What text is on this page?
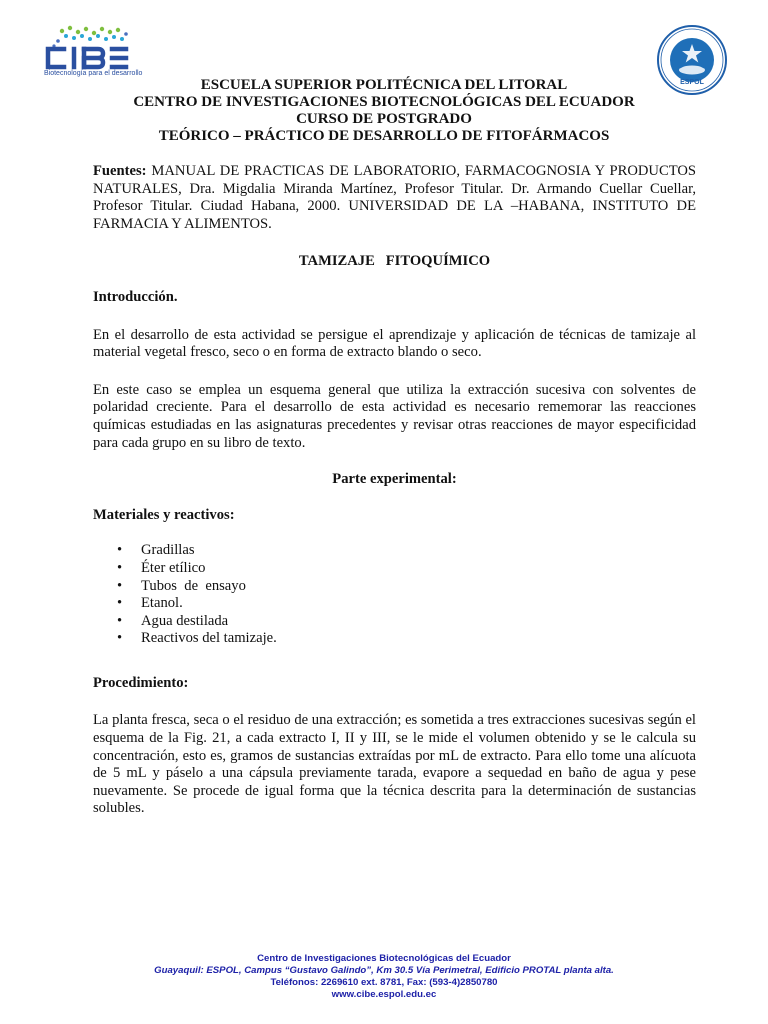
Biotecnología para el desarrollo
ESPOL
ESCUELA SUPERIOR POLITÉCNICA DEL LITORAL
CENTRO DE INVESTIGACIONES BIOTECNOLÓGICAS DEL ECUADOR
CURSO DE POSTGRADO
TEÓRICO – PRÁCTICO DE DESARROLLO DE FITOFÁRMACOS
Fuentes: MANUAL DE PRACTICAS DE LABORATORIO, FARMACOGNOSIA Y PRODUCTOS NATURALES, Dra. Migdalia Miranda Martínez, Profesor Titular. Dr. Armando Cuellar Cuellar, Profesor Titular. Ciudad Habana, 2000. UNIVERSIDAD DE LA –HABANA, INSTITUTO DE FARMACIA Y ALIMENTOS.
TAMIZAJE   FITOQUÍMICO
Introducción.
En el desarrollo de esta actividad se persigue el aprendizaje y aplicación de técnicas de tamizaje al material vegetal fresco, seco o en forma de extracto blando o seco.
En este caso se emplea un esquema general que utiliza la extracción sucesiva con solventes de polaridad creciente. Para el desarrollo de esta actividad es necesario rememorar las reacciones químicas estudiadas en las asignaturas precedentes y revisar otras reacciones de mayor especificidad para cada grupo en su libro de texto.
Parte experimental:
Materiales y reactivos:
• Gradillas
• Éter etílico
• Tubos  de  ensayo
• Etanol.
• Agua destilada
• Reactivos del tamizaje.
Procedimiento:
La planta fresca, seca o el residuo de una extracción; es sometida a tres extracciones sucesivas según el esquema de la Fig. 21, a cada extracto I, II y III, se le mide el volumen obtenido y se le calcula su concentración, esto es, gramos de sustancias extraídas por mL de extracto. Para ello tome una alícuota de 5 mL y páselo a una cápsula previamente tarada, evapore a sequedad en baño de agua y pese nuevamente. Se procede de igual forma que la técnica descrita para la determinación de sustancias solubles.
Centro de Investigaciones Biotecnológicas del Ecuador
Guayaquil: ESPOL, Campus “Gustavo Galindo”, Km 30.5 Vía Perimetral, Edificio PROTAL planta alta.
Teléfonos: 2269610 ext. 8781, Fax: (593-4)2850780
www.cibe.espol.edu.ec
